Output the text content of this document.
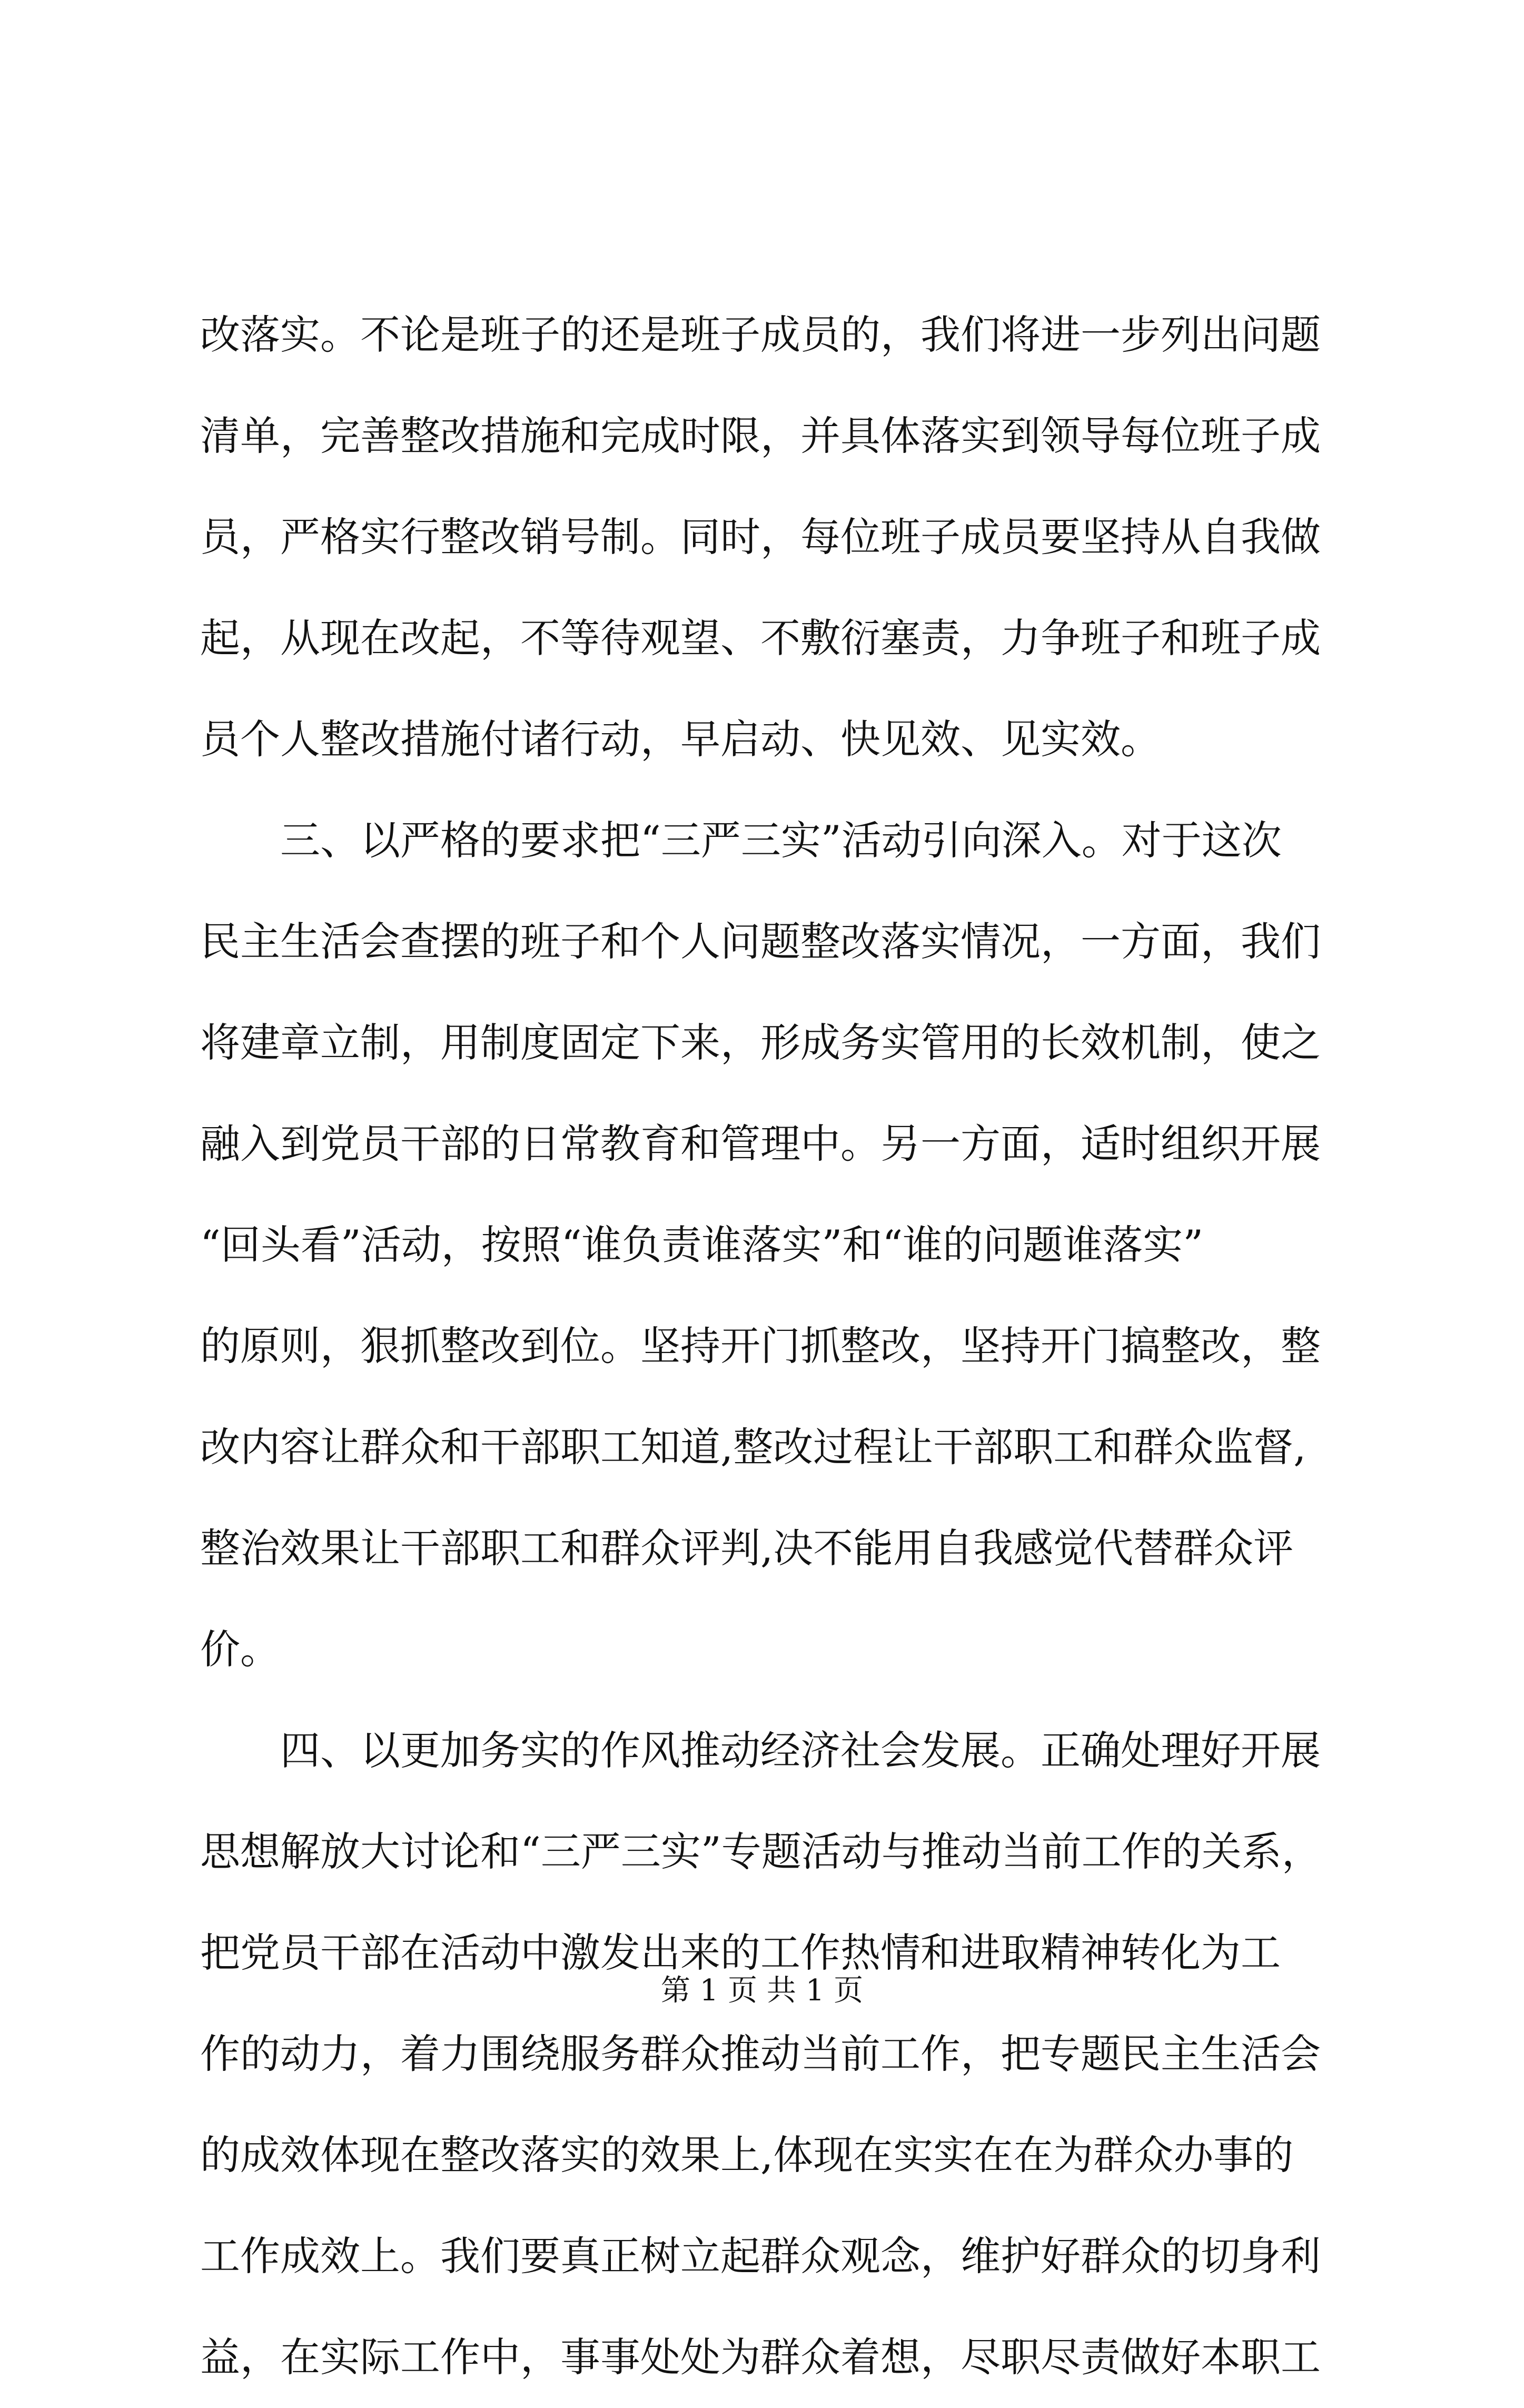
改落实。不论是班子的还是班子成员的，我们将进一步列出问题
清单，完善整改措施和完成时限，并具体落实到领导每位班子成
员，严格实行整改销号制。同时，每位班子成员要坚持从自我做
起，从现在改起，不等待观望、不敷衍塞责，力争班子和班子成
员个人整改措施付诸行动，早启动、快见效、见实效。
三、以严格的要求把“三严三实”活动引向深入。对于这次
民主生活会查摆的班子和个人问题整改落实情况，一方面，我们
将建章立制，用制度固定下来，形成务实管用的长效机制，使之
融入到党员干部的日常教育和管理中。另一方面，适时组织开展
“回头看”活动，按照“谁负责谁落实”和“谁的问题谁落实”
的原则，狠抓整改到位。坚持开门抓整改，坚持开门搞整改，整
改内容让群众和干部职工知道,整改过程让干部职工和群众监督,
整治效果让干部职工和群众评判,决不能用自我感觉代替群众评
价。
四、以更加务实的作风推动经济社会发展。正确处理好开展
思想解放大讨论和“三严三实”专题活动与推动当前工作的关系，
把党员干部在活动中激发出来的工作热情和进取精神转化为工
作的动力，着力围绕服务群众推动当前工作，把专题民主生活会
的成效体现在整改落实的效果上,体现在实实在在为群众办事的
工作成效上。我们要真正树立起群众观念，维护好群众的切身利
益，在实际工作中，事事处处为群众着想，尽职尽责做好本职工
第 1 页 共 1 页
